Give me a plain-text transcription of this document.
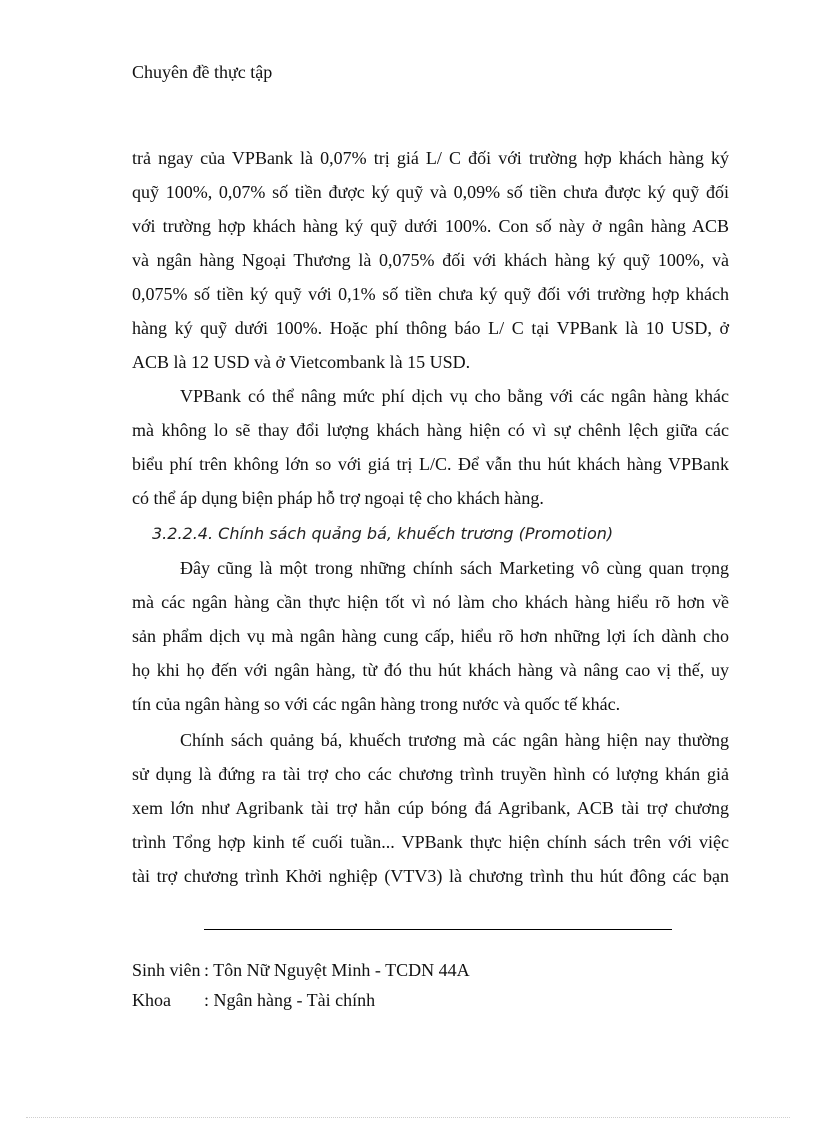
Chuyên đề thực tập
trả ngay của VPBank là 0,07% trị giá L/ C đối với trường hợp khách hàng ký
quỹ 100%, 0,07% số tiền được ký quỹ và 0,09% số tiền chưa được ký quỹ đối
với trường hợp khách hàng ký quỹ dưới 100%. Con số này ở ngân hàng ACB
và ngân hàng Ngoại Thương là 0,075% đối với khách hàng ký quỹ 100%, và
0,075% số tiền ký quỹ với 0,1% số tiền chưa ký quỹ đối với trường hợp khách
hàng ký quỹ dưới 100%. Hoặc phí thông báo L/ C tại VPBank là 10 USD, ở
ACB là 12 USD và ở Vietcombank là 15 USD.
VPBank có thể nâng mức phí dịch vụ cho bằng với các ngân hàng khác
mà không lo sẽ thay đổi lượng khách hàng hiện có vì sự chênh lệch giữa các
biểu phí trên không lớn so với giá trị L/C. Để vẫn thu hút khách hàng VPBank
có thể áp dụng biện pháp hỗ trợ ngoại tệ cho khách hàng.
3.2.2.4. Chính sách quảng bá, khuếch trương (Promotion)
Đây cũng là một trong những chính sách Marketing vô cùng quan trọng
mà các ngân hàng cần thực hiện tốt vì nó làm cho khách hàng hiểu rõ hơn về
sản phẩm dịch vụ mà ngân hàng cung cấp, hiểu rõ hơn những lợi ích dành cho
họ khi họ đến với ngân hàng, từ đó thu hút khách hàng và nâng cao vị thế, uy
tín của ngân hàng so với các ngân hàng trong nước và quốc tế khác.
Chính sách quảng bá, khuếch trương mà các ngân hàng hiện nay thường
sử dụng là đứng ra tài trợ cho các chương trình truyền hình có lượng khán giả
xem lớn như Agribank tài trợ hẳn cúp bóng đá Agribank, ACB tài trợ chương
trình Tổng hợp kinh tế cuối tuần... VPBank thực hiện chính sách trên với việc
tài trợ chương trình Khởi nghiệp (VTV3) là chương trình thu hút đông các bạn
Sinh viên : Tôn Nữ Nguyệt Minh - TCDN 44A
Khoa : Ngân hàng - Tài chính
